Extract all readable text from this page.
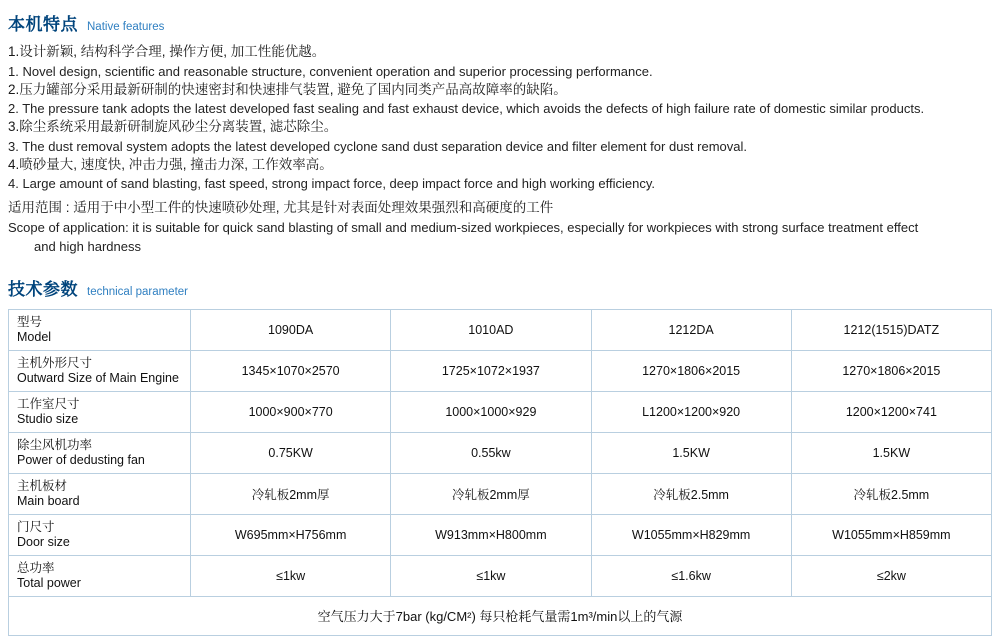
本机特点 Native features
1.设计新颖, 结构科学合理, 操作方便, 加工性能优越。
1. Novel design, scientific and reasonable structure, convenient operation and superior processing performance.
2.压力罐部分采用最新研制的快速密封和快速排气装置, 避免了国内同类产品高故障率的缺陷。
2. The pressure tank adopts the latest developed fast sealing and fast exhaust device, which avoids the defects of high failure rate of domestic similar products.
3.除尘系统采用最新研制旋风砂尘分离装置, 滤芯除尘。
3. The dust removal system adopts the latest developed cyclone sand dust separation device and filter element for dust removal.
4.喷砂量大, 速度快, 冲击力强, 撞击力深, 工作效率高。
4. Large amount of sand blasting, fast speed, strong impact force, deep impact force and high working efficiency.
适用范围 : 适用于中小型工件的快速喷砂处理, 尤其是针对表面处理效果强烈和高硬度的工件
Scope of application: it is suitable for quick sand blasting of small and medium-sized workpieces, especially for workpieces with strong surface treatment effect
and high hardness
技术参数 technical parameter
型号
Model	1090DA	1010AD	1212DA	1212(1515)DATZ

主机外形尺寸
Outward Size of Main Engine	1345×1070×2570	1725×1072×1937	1270×1806×2015	1270×1806×2015

工作室尺寸
Studio size	1000×900×770	1000×1000×929	L1200×1200×920	1200×1200×741

除尘风机功率
Power of dedusting fan	0.75KW	0.55kw	1.5KW	1.5KW

主机板材
Main board	冷轧板2mm厚	冷轧板2mm厚	冷轧板2.5mm	冷轧板2.5mm

门尺寸
Door size	W695mm×H756mm	W913mm×H800mm	W1055mm×H829mm	W1055mm×H859mm

总功率
Total power	≤1kw	≤1kw	≤1.6kw	≤2kw
空气压力大于7bar (kg/CM²) 每只枪耗气量需1m³/min以上的气源				
